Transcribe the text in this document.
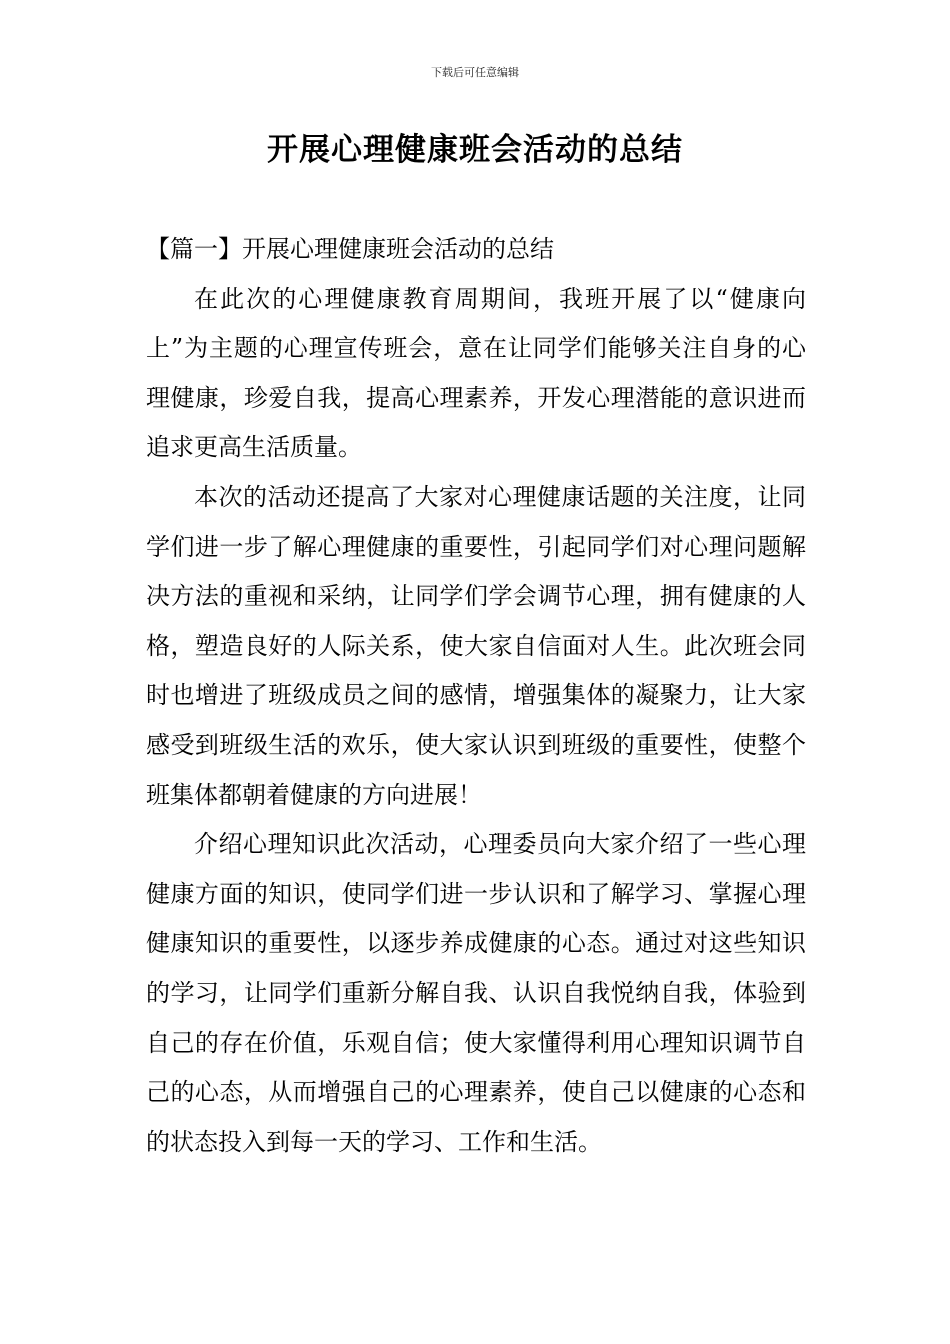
下载后可任意编辑
开展心理健康班会活动的总结
【篇一】开展心理健康班会活动的总结

在此次的心理健康教育周期间，我班开展了以“健康向上”为主题的心理宣传班会，意在让同学们能够关注自身的心理健康，珍爱自我，提高心理素养，开发心理潜能的意识进而追求更高生活质量。

本次的活动还提高了大家对心理健康话题的关注度，让同学们进一步了解心理健康的重要性，引起同学们对心理问题解决方法的重视和采纳，让同学们学会调节心理，拥有健康的人格，塑造良好的人际关系，使大家自信面对人生。此次班会同时也增进了班级成员之间的感情，增强集体的凝聚力，让大家感受到班级生活的欢乐，使大家认识到班级的重要性，使整个班集体都朝着健康的方向进展！

介绍心理知识此次活动，心理委员向大家介绍了一些心理健康方面的知识，使同学们进一步认识和了解学习、掌握心理健康知识的重要性，以逐步养成健康的心态。通过对这些知识的学习，让同学们重新分解自我、认识自我悦纳自我，体验到自己的存在价值，乐观自信；使大家懂得利用心理知识调节自己的心态，从而增强自己的心理素养，使自己以健康的心态和的状态投入到每一天的学习、工作和生活。
